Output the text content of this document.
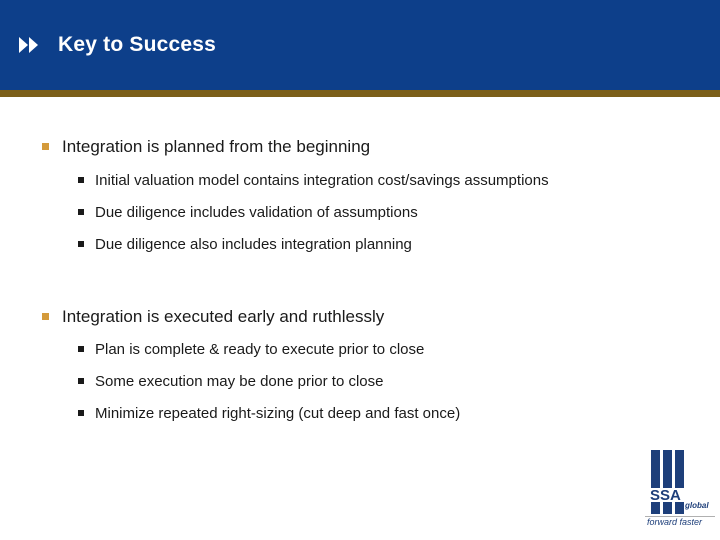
Key to Success
Integration is planned from the beginning
Initial valuation model contains integration cost/savings assumptions
Due diligence includes validation of assumptions
Due diligence also includes integration planning
Integration is executed early and ruthlessly
Plan is complete & ready to execute prior to close
Some execution may be done prior to close
Minimize repeated right-sizing (cut deep and fast once)
SSA
global
forward faster
